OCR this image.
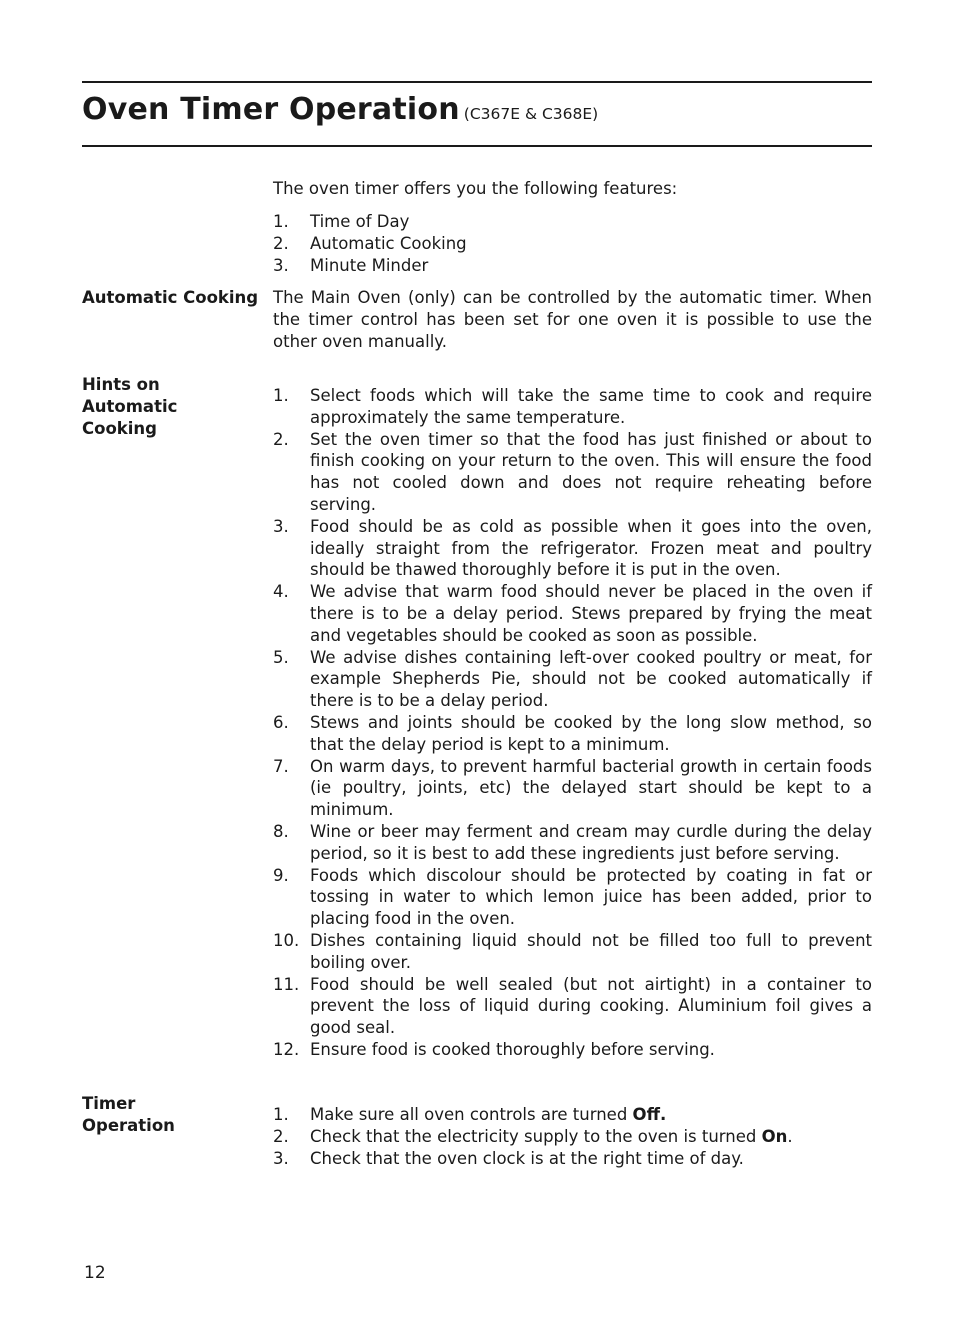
Oven Timer Operation (C367E & C368E)
The oven timer offers you the following features:
1.	Time of Day
2.	Automatic Cooking
3.	Minute Minder
Automatic Cooking The Main Oven (only) can be controlled by the automatic timer. When the timer control has been set for one oven it is possible to use the other oven manually.
Hints on Automatic Cooking
1.	Select foods which will take the same time to cook and require approximately the same temperature.
2.	Set the oven timer so that the food has just finished or about to finish cooking on your return to the oven. This will ensure the food has not cooled down and does not require reheating before serving.
3.	Food should be as cold as possible when it goes into the oven, ideally straight from the refrigerator. Frozen meat and poultry should be thawed thoroughly before it is put in the oven.
4.	We advise that warm food should never be placed in the oven if there is to be a delay period. Stews prepared by frying the meat and vegetables should be cooked as soon as possible.
5.	We advise dishes containing left-over cooked poultry or meat, for example Shepherds Pie, should not be cooked automatically if there is to be a delay period.
6.	Stews and joints should be cooked by the long slow method, so that the delay period is kept to a minimum.
7.	On warm days, to prevent harmful bacterial growth in certain foods (ie poultry, joints, etc) the delayed start should be kept to a minimum.
8.	Wine or beer may ferment and cream may curdle during the delay period, so it is best to add these ingredients just before serving.
9.	Foods which discolour should be protected by coating in fat or tossing in water to which lemon juice has been added, prior to placing food in the oven.
10. Dishes containing liquid should not be filled too full to prevent boiling over.
11. Food should be well sealed (but not airtight) in a container to prevent the loss of liquid during cooking. Aluminium foil gives a good seal.
12. Ensure food is cooked thoroughly before serving.
Timer Operation
1.	Make sure all oven controls are turned Off.
2.	Check that the electricity supply to the oven is turned On.
3.	Check that the oven clock is at the right time of day.
12
